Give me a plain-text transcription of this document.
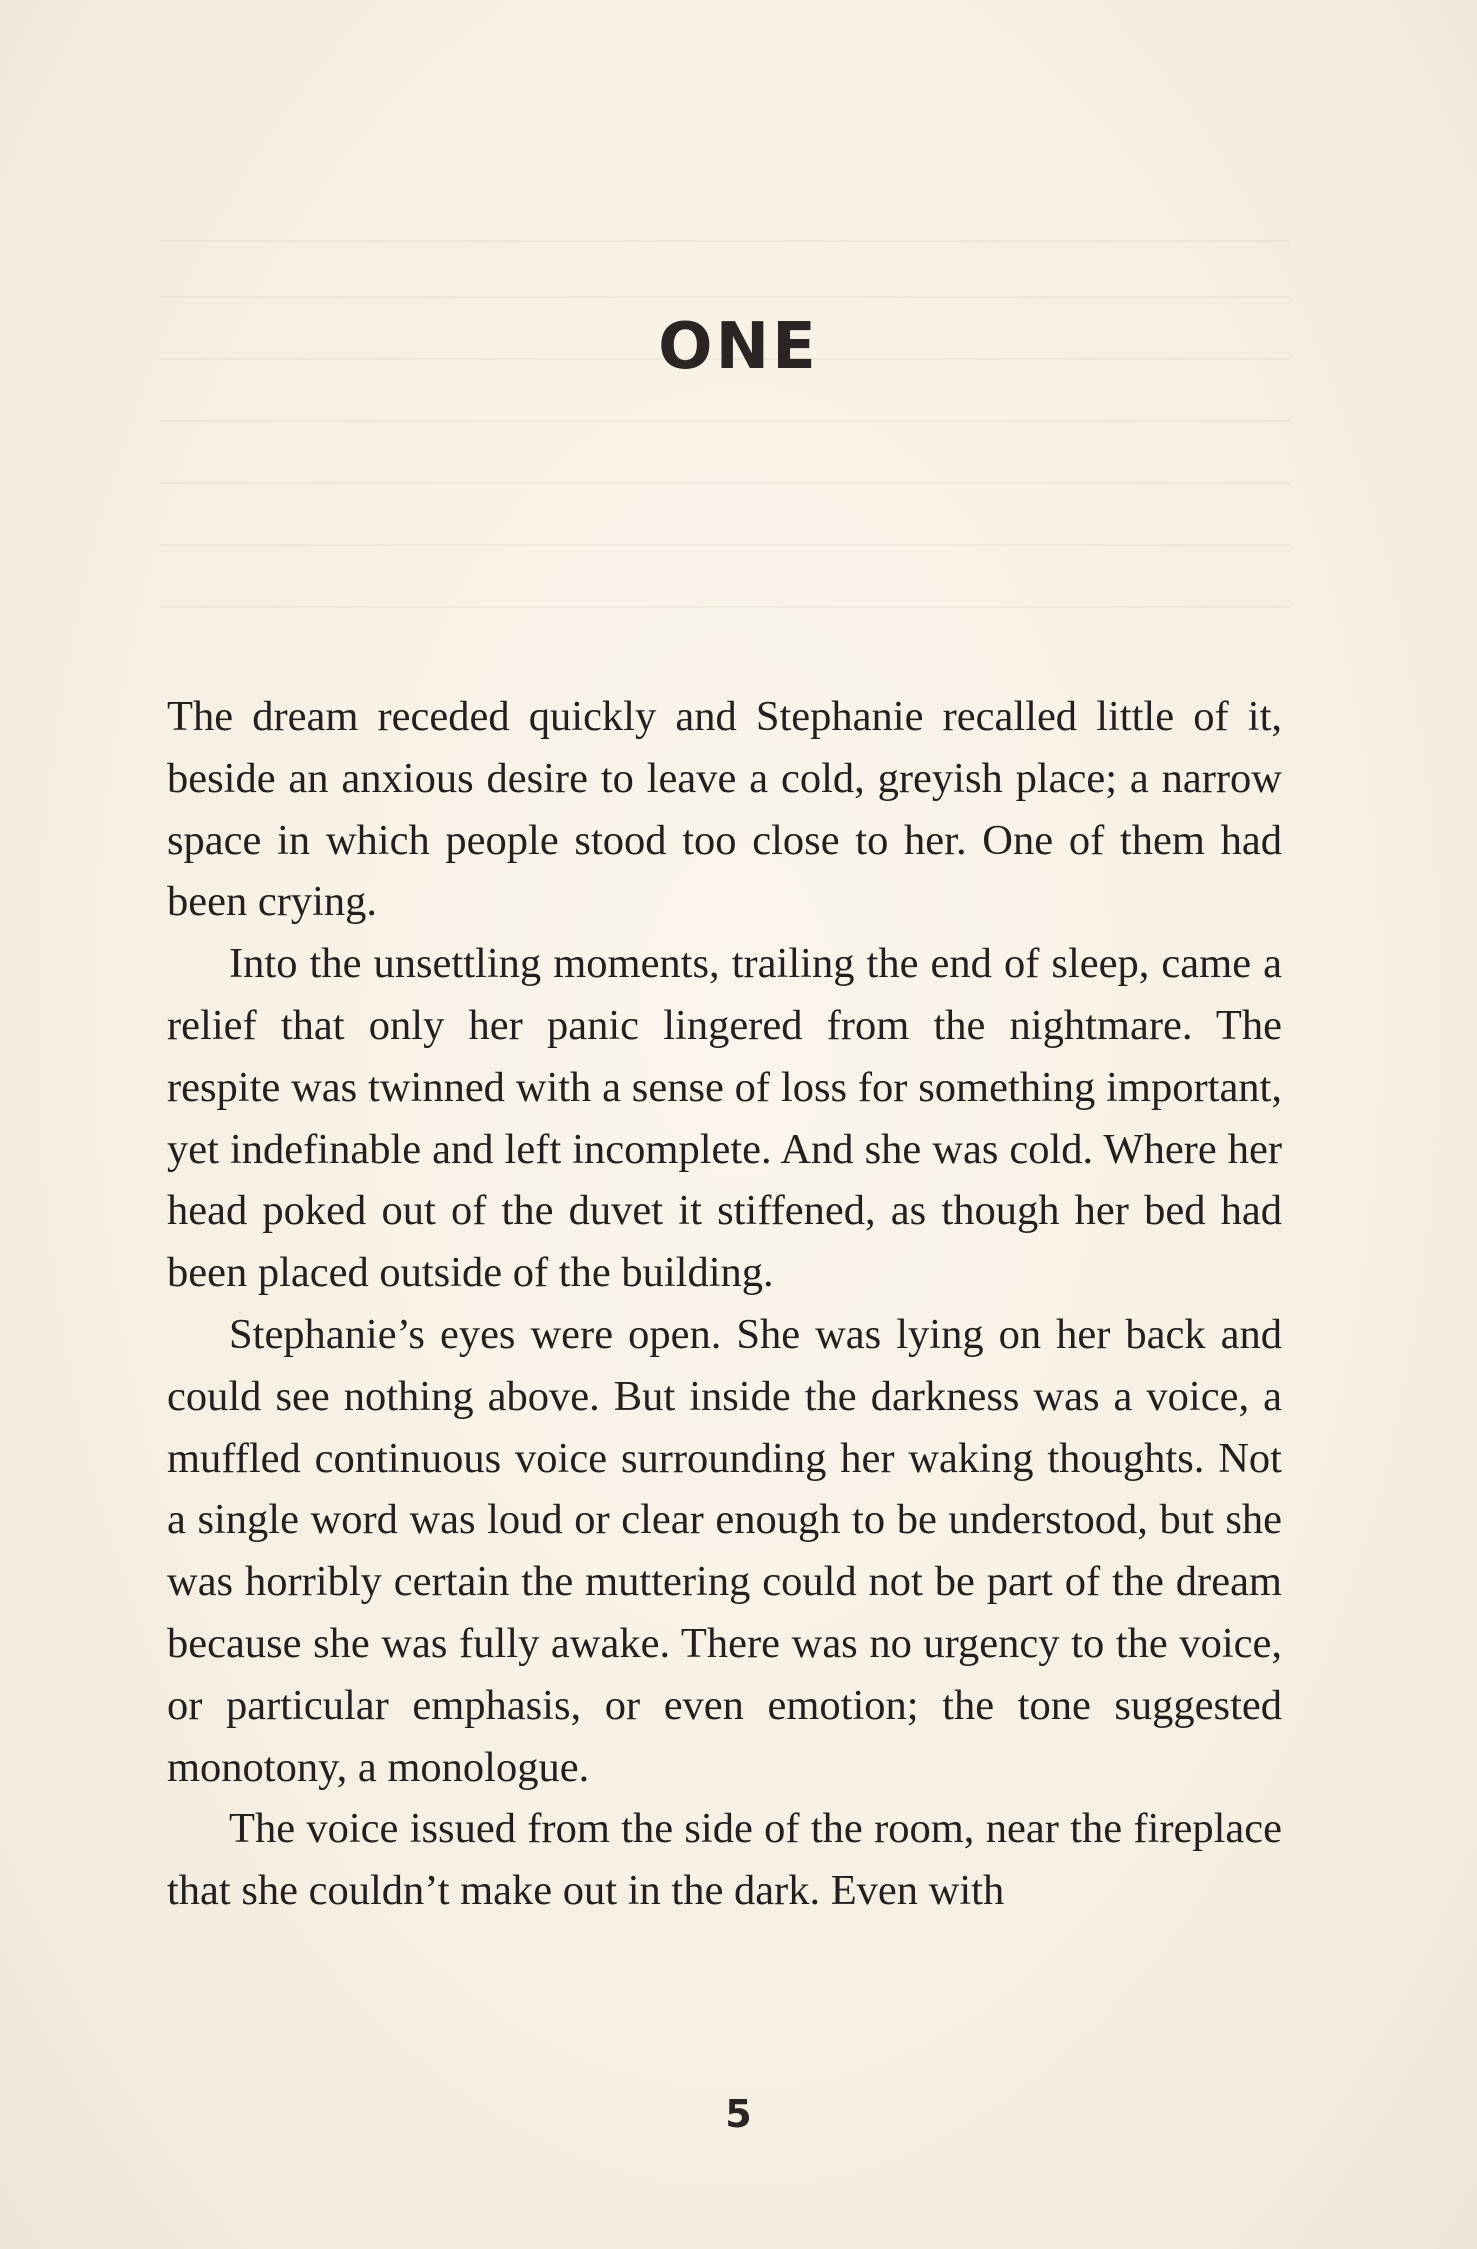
ONE

The dream receded quickly and Stephanie recalled little of it, beside an anxious desire to leave a cold, greyish place; a narrow space in which people stood too close to her. One of them had been crying.

Into the unsettling moments, trailing the end of sleep, came a relief that only her panic lingered from the nightmare. The respite was twinned with a sense of loss for something important, yet indefinable and left incomplete. And she was cold. Where her head poked out of the duvet it stiffened, as though her bed had been placed outside of the building.

Stephanie’s eyes were open. She was lying on her back and could see nothing above. But inside the darkness was a voice, a muffled continuous voice surrounding her waking thoughts. Not a single word was loud or clear enough to be understood, but she was horribly certain the muttering could not be part of the dream because she was fully awake. There was no urgency to the voice, or particular emphasis, or even emotion; the tone suggested monotony, a monologue.

The voice issued from the side of the room, near the fireplace that she couldn’t make out in the dark. Even with

5
